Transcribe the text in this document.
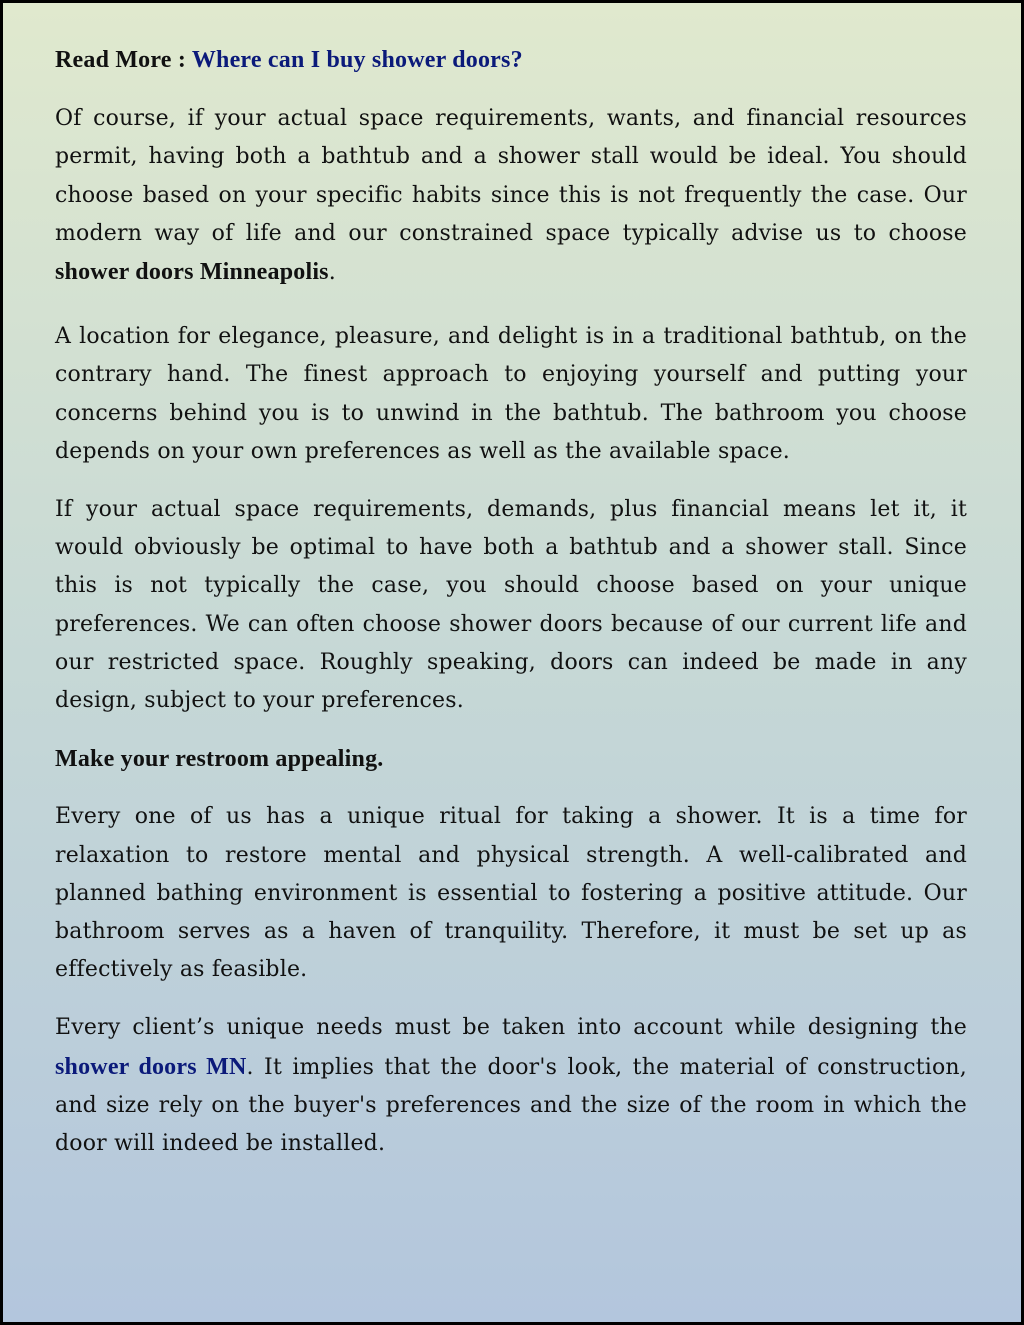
Read More : Where can I buy shower doors?

Of course, if your actual space requirements, wants, and financial resources permit, having both a bathtub and a shower stall would be ideal. You should choose based on your specific habits since this is not frequently the case. Our modern way of life and our constrained space typically advise us to choose shower doors Minneapolis.

A location for elegance, pleasure, and delight is in a traditional bathtub, on the contrary hand. The finest approach to enjoying yourself and putting your concerns behind you is to unwind in the bathtub. The bathroom you choose depends on your own preferences as well as the available space.

If your actual space requirements, demands, plus financial means let it, it would obviously be optimal to have both a bathtub and a shower stall. Since this is not typically the case, you should choose based on your unique preferences. We can often choose shower doors because of our current life and our restricted space. Roughly speaking, doors can indeed be made in any design, subject to your preferences.

Make your restroom appealing.

Every one of us has a unique ritual for taking a shower. It is a time for relaxation to restore mental and physical strength. A well-calibrated and planned bathing environment is essential to fostering a positive attitude. Our bathroom serves as a haven of tranquility. Therefore, it must be set up as effectively as feasible.

Every client’s unique needs must be taken into account while designing the shower doors MN. It implies that the door's look, the material of construction, and size rely on the buyer's preferences and the size of the room in which the door will indeed be installed.
